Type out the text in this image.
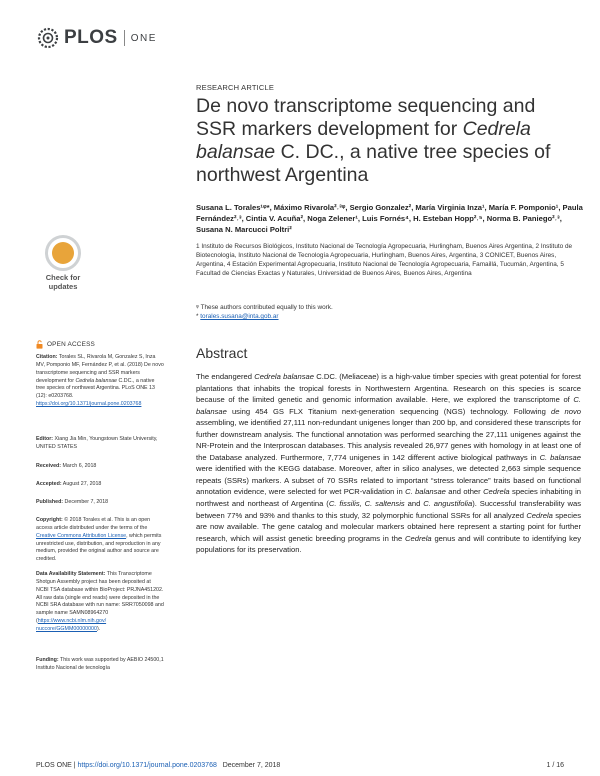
PLOS ONE
RESEARCH ARTICLE
De novo transcriptome sequencing and SSR markers development for Cedrela balansae C. DC., a native tree species of northwest Argentina
Susana L. Torales¹ᵠ*, Máximo Rivarola²˒³ᵠ, Sergio Gonzalez², María Virginia Inza¹, María F. Pomponio¹, Paula Fernández²˒³, Cintia V. Acuña², Noga Zelener¹, Luis Fornés⁴, H. Esteban Hopp²˒⁵, Norma B. Paniego²˒³, Susana N. Marcucci Poltri²
1 Instituto de Recursos Biológicos, Instituto Nacional de Tecnología Agropecuaria, Hurlingham, Buenos Aires Argentina, 2 Instituto de Biotecnología, Instituto Nacional de Tecnología Agropecuaria, Hurlingham, Buenos Aires, Argentina, 3 CONICET, Buenos Aires, Argentina, 4 Estación Experimental Agropecuaria, Instituto Nacional de Tecnología Agropecuaria, Famaillá, Tucumán, Argentina, 5 Facultad de Ciencias Exactas y Naturales, Universidad de Buenos Aires, Buenos Aires, Argentina
ᵠ These authors contributed equally to this work.
* torales.susana@inta.gob.ar
Abstract
The endangered Cedrela balansae C.DC. (Meliaceae) is a high-value timber species with great potential for forest plantations that inhabits the tropical forests in Northwestern Argentina. Research on this species is scarce because of the limited genetic and genomic information available. Here, we explored the transcriptome of C. balansae using 454 GS FLX Titanium next-generation sequencing (NGS) technology. Following de novo assembling, we identified 27,111 non-redundant unigenes longer than 200 bp, and considered these transcripts for further downstream analysis. The functional annotation was performed searching the 27,111 unigenes against the NR-Protein and the Interproscan databases. This analysis revealed 26,977 genes with homology in at least one of the Database analyzed. Furthermore, 7,774 unigenes in 142 different active biological pathways in C. balansae were identified with the KEGG database. Moreover, after in silico analyses, we detected 2,663 simple sequence repeats (SSRs) markers. A subset of 70 SSRs related to important “stress tolerance” traits based on functional annotation evidence, were selected for wet PCR-validation in C. balansae and other Cedrela species inhabiting in northwest and northeast of Argentina (C. fissilis, C. saltensis and C. angustifolia). Successful transferability was between 77% and 93% and thanks to this study, 32 polymorphic functional SSRs for all analyzed Cedrela species are now available. The gene catalog and molecular markers obtained here represent a starting point for further research, which will assist genetic breeding programs in the Cedrela genus and will contribute to identifying key populations for its preservation.
Check for
updates
OPEN ACCESS
Citation: Torales SL, Rivarola M, Gonzalez S, Inza MV, Pomponio MF, Fernández P, et al. (2018) De novo transcriptome sequencing and SSR markers development for Cedrela balansae C.DC., a native tree species of northwest Argentina. PLoS ONE 13 (12): e0203768. https://doi.org/10.1371/journal.pone.0203768
Editor: Xiang Jia Min, Youngstown State University, UNITED STATES
Received: March 6, 2018
Accepted: August 27, 2018
Published: December 7, 2018
Copyright: © 2018 Torales et al. This is an open access article distributed under the terms of the Creative Commons Attribution License, which permits unrestricted use, distribution, and reproduction in any medium, provided the original author and source are credited.
Data Availability Statement: This Transcriptome Shotgun Assembly project has been deposited at NCBI TSA database within BioProject: PRJNA451202. All raw data (single end reads) were deposited in the NCBI SRA database with run name: SRR7050098 and sample name SAMN08964270 (https://www.ncbi.nlm.nih.gov/ nuccore/GGMM00000000).
Funding: This work was supported by AEBIO 24500,1 Instituto Nacional de tecnología
PLOS ONE | https://doi.org/10.1371/journal.pone.0203768 December 7, 2018	1 / 16
